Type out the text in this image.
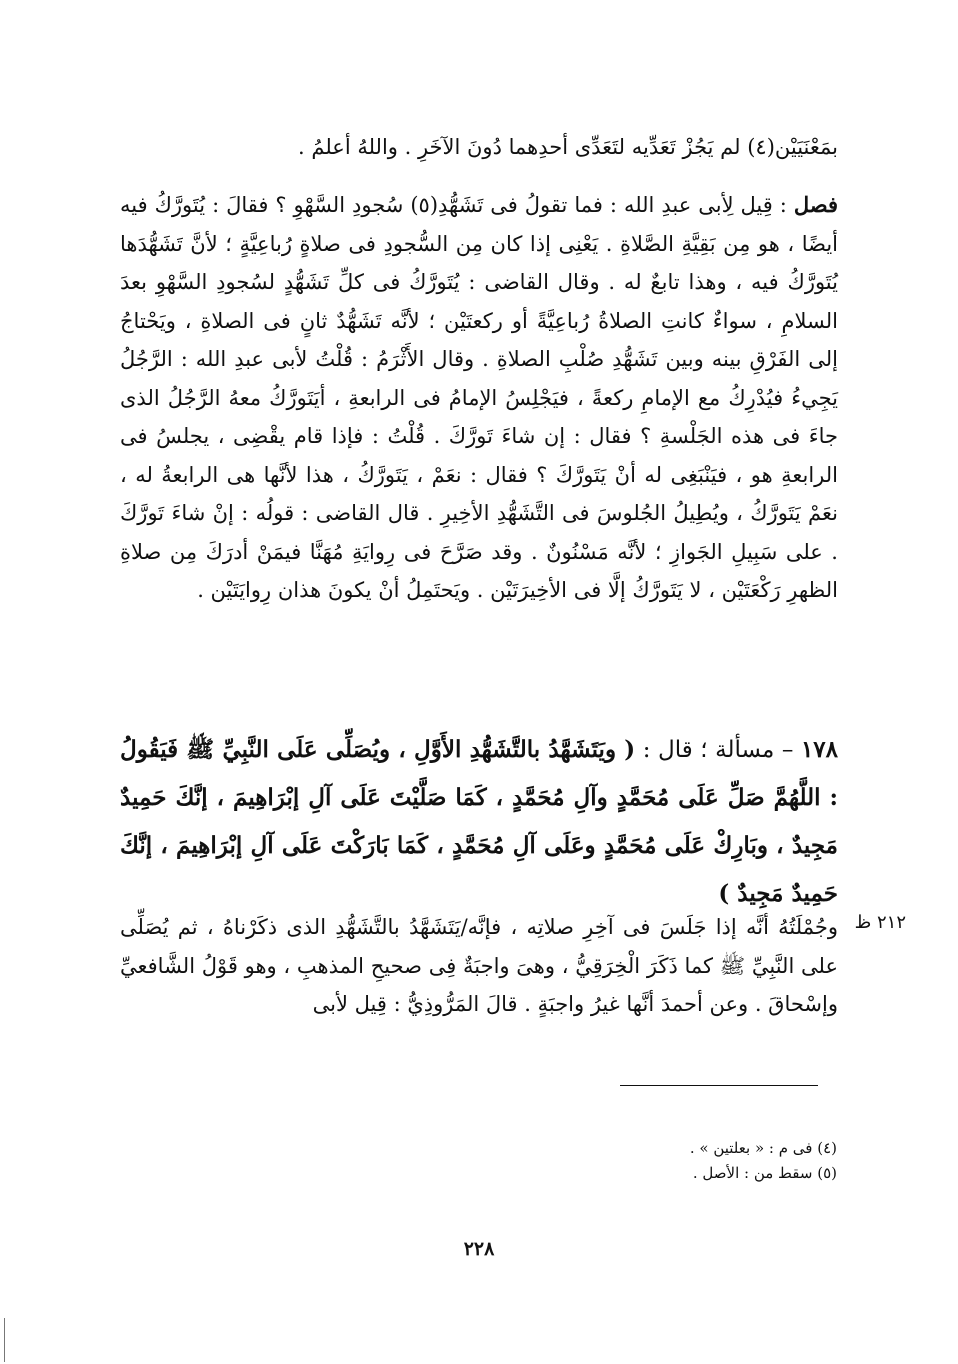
بمَعْنَيَيْن(٤) لم يَجُزْ تَعَدِّيه لتَعَدِّى أحدِهما دُونَ الآخَرِ . واللهُ أعلمُ .

فصل : قِيل لِأبى عبدِ الله : فما تقولُ فى تَشَهُّدِ(٥) سُجودِ السَّهْوِ ؟ فقالَ : يُتَورَّكُ فيه أيضًا ، هو مِن بَقِيَّةِ الصَّلاةِ . يَعْنِى إذا كان مِن السُّجودِ فى صلاةٍ رُباعِيَّةٍ ؛ لأنَّ تَشَهُّدَها يُتَورَّكُ فيه ، وهذا تابعٌ له . وقال القاضى : يُتَورَّكُ فى كلِّ تَشَهُّدٍ لسُجودِ السَّهْوِ بعدَ السلامِ ، سواءٌ كانتِ الصلاةُ رُباعِيَّةً أو ركعتَيْن ؛ لأنَّه تَشَهُّدٌ ثانٍ فى الصلاةِ ، ويَحْتاجُ إلى الفَرْقِ بينه وبين تَشَهُّدِ صُلْبِ الصلاةِ . وقال الأَثْرَمُ : قُلْتُ لأبى عبدِ الله : الرَّجُلُ يَجِيءُ فيُدْرِكُ مع الإمامِ ركعةً ، فيَجْلِسُ الإمامُ فى الرابعةِ ، أيَتَورَّكُ معهُ الرَّجُلُ الذى جاءَ فى هذه الجَلْسةِ ؟ فقال : إن شاءَ تَورَّكَ . قُلْتُ : فإذا قام يقْضِى ، يجلسُ فى الرابعةِ هو ، فيَنْبَغِى له أنْ يَتَورَّكَ ؟ فقال : نعَمْ ، يَتَورَّكُ ، هذا لأنَّها هى الرابعةُ له ، نعَمْ يَتَورَّكُ ، ويُطِيلُ الجُلوسَ فى التَّشَهُّدِ الأخِيرِ . قال القاضى : قولُه : إنْ شاءَ تَورَّكَ . على سَبِيلِ الجَوازِ ؛ لأنَّه مَسْنُونٌ . وقد صَرَّحَ فى رِوايَةِ مُهَنَّا فيمَنْ أدرَكَ مِن صلاةِ الظهرِ رَكْعَتَيْن ، لا يَتَورَّكُ إلَّا فى الأخِيرَتَيْن . ويَحتَمِلُ أنْ يكونَ هذان رِوايَتَيْن .

١٧٨ – مسألة ؛ قال : ( ويَتَشَهَّدُ بالتَّشَهُّدِ الأَوَّلِ ، ويُصَلِّى عَلَى النَّبِيِّ ﷺ فَيَقُولُ : اللَّهُمَّ صَلِّ عَلَى مُحَمَّدٍ وآلِ مُحَمَّدٍ ، كَمَا صَلَّيْتَ عَلَى آلِ إبْرَاهِيمَ ، إنَّكَ حَمِيدٌ مَجِيدٌ ، وبَارِكْ عَلَى مُحَمَّدٍ وعَلَى آلِ مُحَمَّدٍ ، كَمَا بَارَكْتَ عَلَى آلِ إبْرَاهِيمَ ، إنَّكَ حَمِيدٌ مَجِيدٌ )

٢١٢ ظ

وجُمْلَتُهُ أنَّه إذا جَلَسَ فى آخِرِ صلاتِه ، فإنَّه/يَتَشَهَّدُ بالتَّشَهُّدِ الذى ذكَرْناهُ ، ثم يُصَلِّى على النَّبِيِّ ﷺ كما ذَكَرَ الْخِرَقِيُّ ، وهىَ واجبَةٌ فِى صحيحِ المذهبِ ، وهو قَوْلُ الشَّافعيِّ وإسْحاقَ . وعن أحمدَ أنَّها غيرُ واجبَةٍ . قالَ المَرُّوذِيُّ : قِيل لأبى

(٤) فى م : « بعلتين » .
(٥) سقط من : الأصل .
٢٢٨
